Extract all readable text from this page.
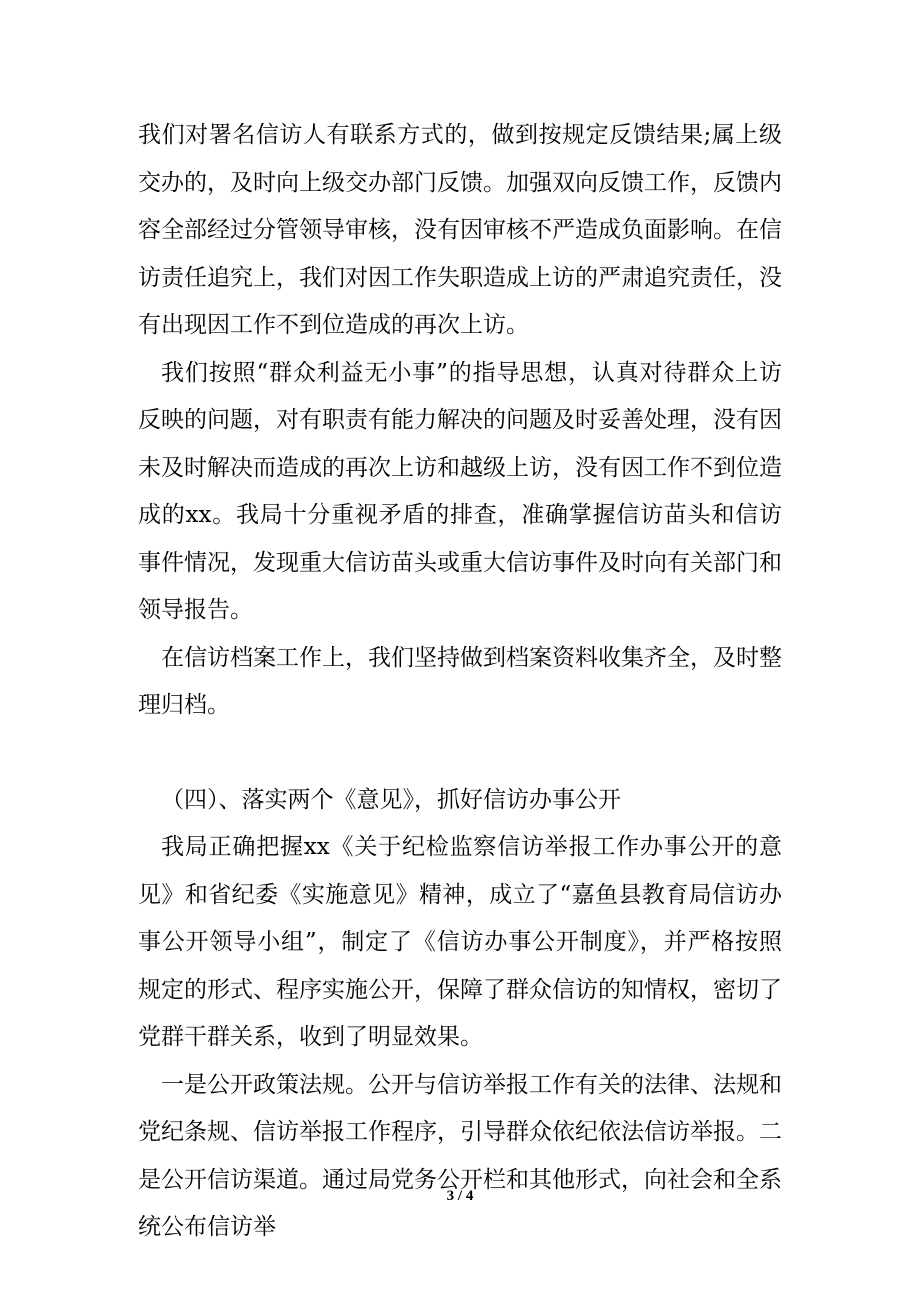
我们对署名信访人有联系方式的，做到按规定反馈结果;属上级交办的，及时向上级交办部门反馈。加强双向反馈工作，反馈内容全部经过分管领导审核，没有因审核不严造成负面影响。在信访责任追究上，我们对因工作失职造成上访的严肃追究责任，没有出现因工作不到位造成的再次上访。

我们按照“群众利益无小事”的指导思想，认真对待群众上访反映的问题，对有职责有能力解决的问题及时妥善处理，没有因未及时解决而造成的再次上访和越级上访，没有因工作不到位造成的xx。我局十分重视矛盾的排查，准确掌握信访苗头和信访事件情况，发现重大信访苗头或重大信访事件及时向有关部门和领导报告。

在信访档案工作上，我们坚持做到档案资料收集齐全，及时整理归档。

（四）、落实两个《意见》，抓好信访办事公开

我局正确把握xx《关于纪检监察信访举报工作办事公开的意见》和省纪委《实施意见》精神，成立了“嘉鱼县教育局信访办事公开领导小组”，制定了《信访办事公开制度》，并严格按照规定的形式、程序实施公开，保障了群众信访的知情权，密切了党群干群关系，收到了明显效果。

一是公开政策法规。公开与信访举报工作有关的法律、法规和党纪条规、信访举报工作程序，引导群众依纪依法信访举报。二是公开信访渠道。通过局党务公开栏和其他形式，向社会和全系统公布信访举

3 / 4
